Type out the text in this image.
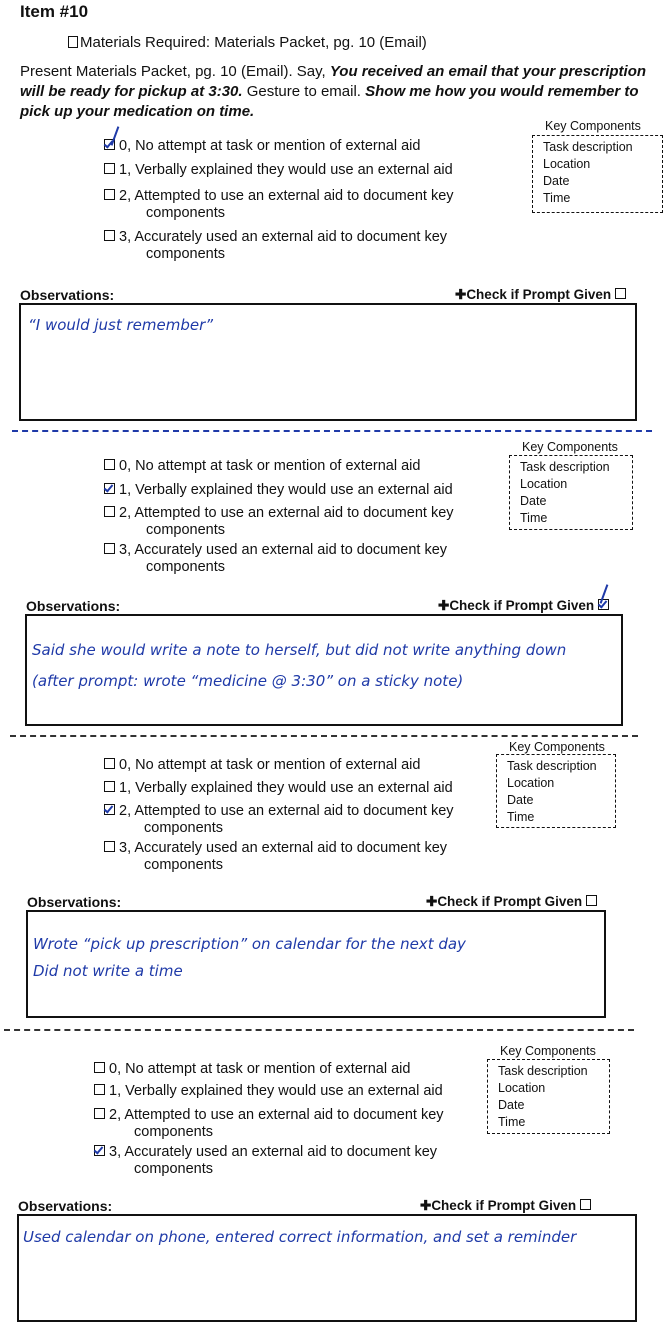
Item #10
Materials Required: Materials Packet, pg. 10 (Email)
Present Materials Packet, pg. 10 (Email). Say, You received an email that your prescription will be ready for pickup at 3:30. Gesture to email. Show me how you would remember to pick up your medication on time.
0, No attempt at task or mention of external aid
1, Verbally explained they would use an external aid
2, Attempted to use an external aid to document key
components
3, Accurately used an external aid to document key
components
Key Components
Task description
Location
Date
Time
Observations:	✚Check if Prompt Given
“I would just remember”
0, No attempt at task or mention of external aid
1, Verbally explained they would use an external aid
2, Attempted to use an external aid to document key
components
3, Accurately used an external aid to document key
components
Key Components
Task description
Location
Date
Time
Observations:	✚Check if Prompt Given
Said she would write a note to herself, but did not write anything down
(after prompt: wrote “medicine @ 3:30” on a sticky note)
0, No attempt at task or mention of external aid
1, Verbally explained they would use an external aid
2, Attempted to use an external aid to document key
components
3, Accurately used an external aid to document key
components
Key Components
Task description
Location
Date
Time
Observations:	✚Check if Prompt Given
Wrote “pick up prescription” on calendar for the next day
Did not write a time
0, No attempt at task or mention of external aid
1, Verbally explained they would use an external aid
2, Attempted to use an external aid to document key
components
3, Accurately used an external aid to document key
components
Key Components
Task description
Location
Date
Time
Observations:	✚Check if Prompt Given
Used calendar on phone, entered correct information, and set a reminder
